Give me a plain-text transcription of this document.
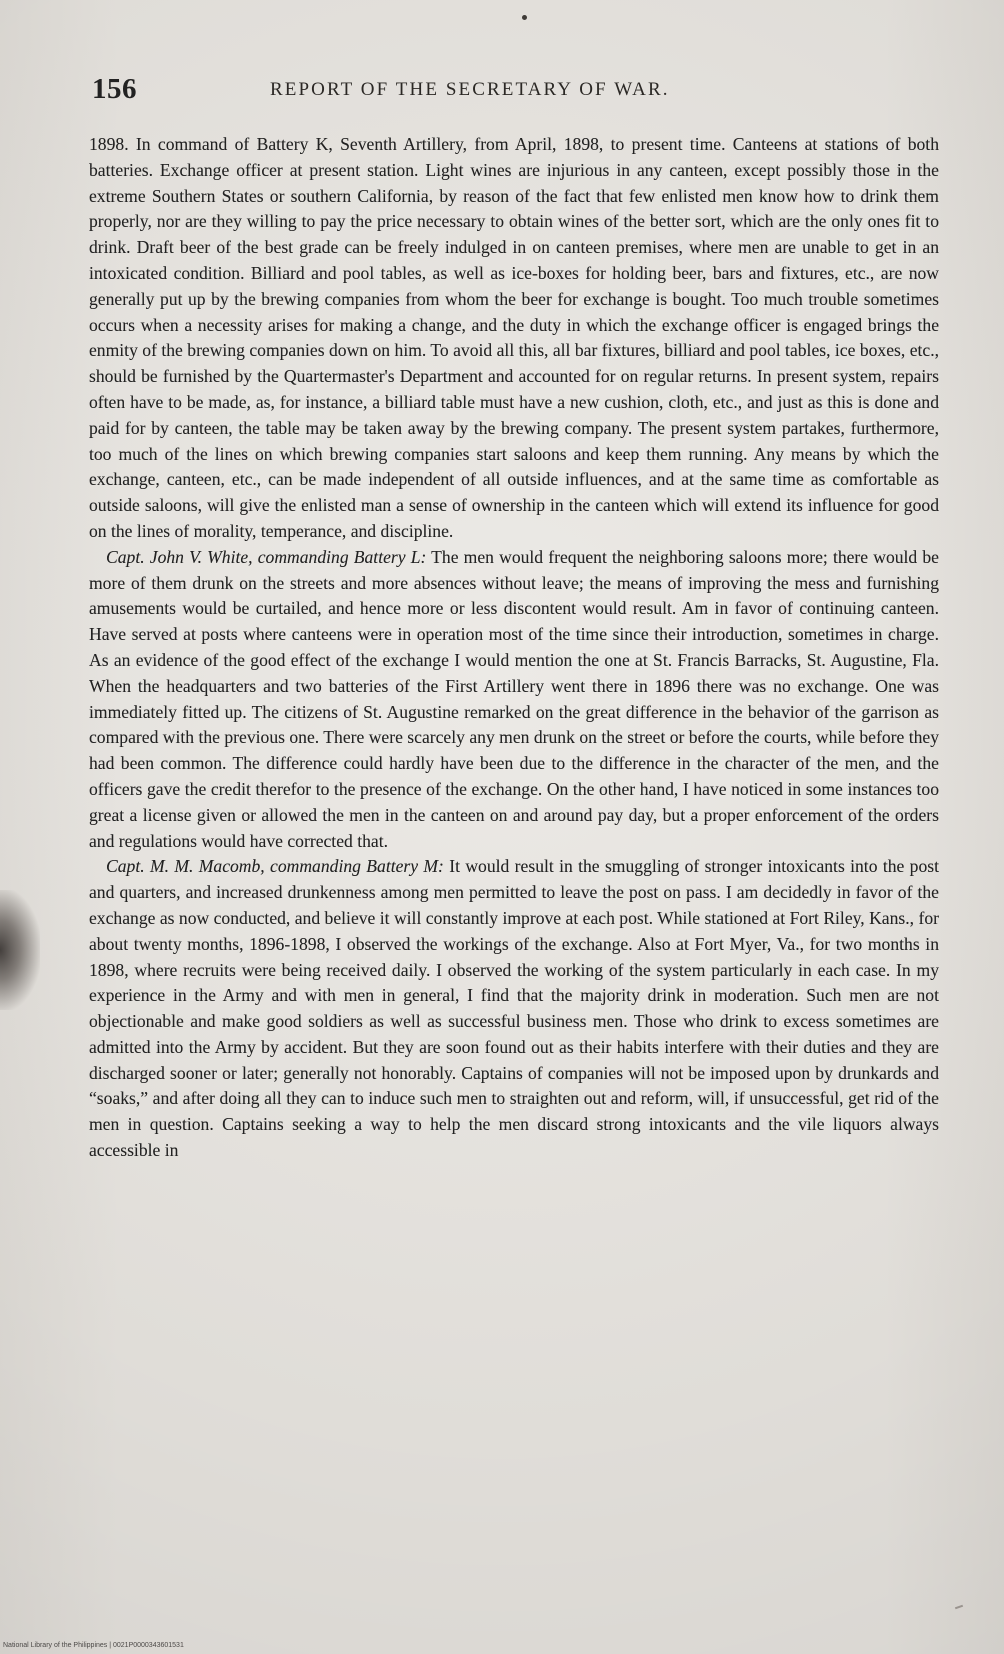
156	REPORT OF THE SECRETARY OF WAR.

1898. In command of Battery K, Seventh Artillery, from April, 1898, to present time. Canteens at stations of both batteries. Exchange officer at present station. Light wines are injurious in any canteen, except possibly those in the extreme Southern States or southern California, by reason of the fact that few enlisted men know how to drink them properly, nor are they willing to pay the price necessary to obtain wines of the better sort, which are the only ones fit to drink. Draft beer of the best grade can be freely indulged in on canteen premises, where men are unable to get in an intoxicated condition. Billiard and pool tables, as well as ice-boxes for holding beer, bars and fixtures, etc., are now generally put up by the brewing companies from whom the beer for exchange is bought. Too much trouble sometimes occurs when a necessity arises for making a change, and the duty in which the exchange officer is engaged brings the enmity of the brewing companies down on him. To avoid all this, all bar fixtures, billiard and pool tables, ice boxes, etc., should be furnished by the Quartermaster's Department and accounted for on regular returns. In present system, repairs often have to be made, as, for instance, a billiard table must have a new cushion, cloth, etc., and just as this is done and paid for by canteen, the table may be taken away by the brewing company. The present system partakes, furthermore, too much of the lines on which brewing companies start saloons and keep them running. Any means by which the exchange, canteen, etc., can be made independent of all outside influences, and at the same time as comfortable as outside saloons, will give the enlisted man a sense of ownership in the canteen which will extend its influence for good on the lines of morality, temperance, and discipline.

Capt. John V. White, commanding Battery L: The men would frequent the neighboring saloons more; there would be more of them drunk on the streets and more absences without leave; the means of improving the mess and furnishing amusements would be curtailed, and hence more or less discontent would result. Am in favor of continuing canteen. Have served at posts where canteens were in operation most of the time since their introduction, sometimes in charge. As an evidence of the good effect of the exchange I would mention the one at St. Francis Barracks, St. Augustine, Fla. When the headquarters and two batteries of the First Artillery went there in 1896 there was no exchange. One was immediately fitted up. The citizens of St. Augustine remarked on the great difference in the behavior of the garrison as compared with the previous one. There were scarcely any men drunk on the street or before the courts, while before they had been common. The difference could hardly have been due to the difference in the character of the men, and the officers gave the credit therefor to the presence of the exchange. On the other hand, I have noticed in some instances too great a license given or allowed the men in the canteen on and around pay day, but a proper enforcement of the orders and regulations would have corrected that.

Capt. M. M. Macomb, commanding Battery M: It would result in the smuggling of stronger intoxicants into the post and quarters, and increased drunkenness among men permitted to leave the post on pass. I am decidedly in favor of the exchange as now conducted, and believe it will constantly improve at each post. While stationed at Fort Riley, Kans., for about twenty months, 1896-1898, I observed the workings of the exchange. Also at Fort Myer, Va., for two months in 1898, where recruits were being received daily. I observed the working of the system particularly in each case. In my experience in the Army and with men in general, I find that the majority drink in moderation. Such men are not objectionable and make good soldiers as well as successful business men. Those who drink to excess sometimes are admitted into the Army by accident. But they are soon found out as their habits interfere with their duties and they are discharged sooner or later; generally not honorably. Captains of companies will not be imposed upon by drunkards and “soaks,” and after doing all they can to induce such men to straighten out and reform, will, if unsuccessful, get rid of the men in question. Captains seeking a way to help the men discard strong intoxicants and the vile liquors always accessible in

National Library of the Philippines | 0021P0000343601531
